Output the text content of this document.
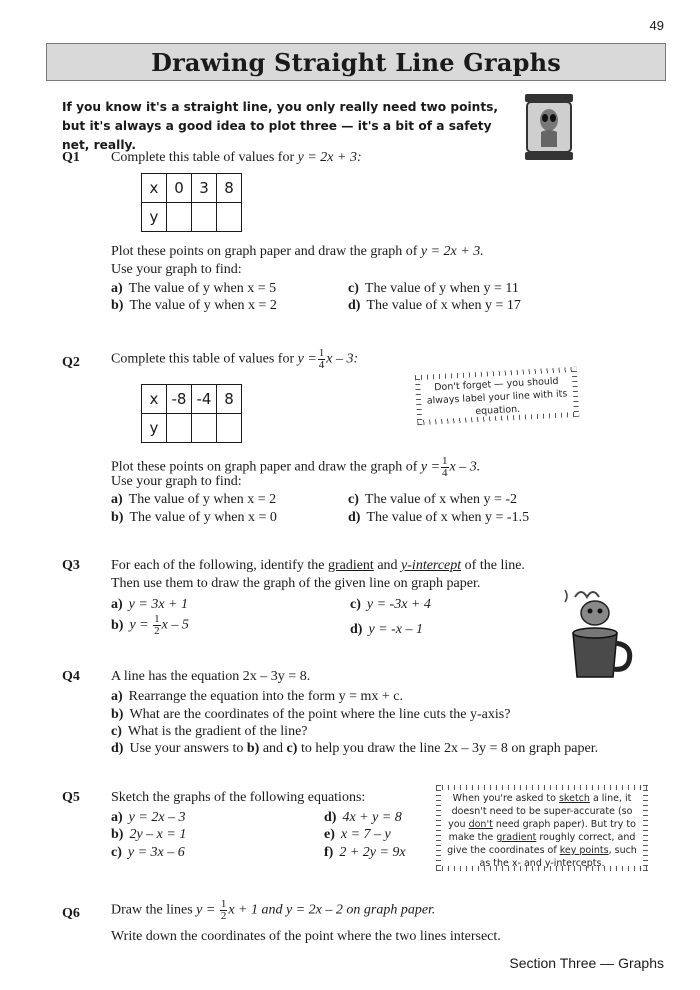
49
Drawing Straight Line Graphs
If you know it's a straight line, you only really need two points, but it's always a good idea to plot three — it's a bit of a safety net, really.
Q1 Complete this table of values for y = 2x + 3:
x	0	3	8
y			
Plot these points on graph paper and draw the graph of y = 2x + 3.
Use your graph to find:
a) The value of y when x = 5
b) The value of y when x = 2
c) The value of y when y = 11
d) The value of x when y = 17
Q2 Complete this table of values for $y = \frac{1}{4}$ x – 3:
x	-8	-4	8
y			
Don't forget — you should always label your line with its equation.
Plot these points on graph paper and draw the graph of $y = \frac{1}{4}$ x – 3.
Use your graph to find:
a) The value of y when x = 2
b) The value of y when x = 0
c) The value of x when y = -2
d) The value of x when y = -1.5
Q3 For each of the following, identify the gradient and y-intercept of the line.
Then use them to draw the graph of the given line on graph paper.
a) y = 3x + 1
b) $y = \frac{1}{2}$ x – 5
c) y = -3x + 4
d) y = -x – 1
Q4 A line has the equation 2x – 3y = 8.
a) Rearrange the equation into the form y = mx + c.
b) What are the coordinates of the point where the line cuts the y-axis?
c) What is the gradient of the line?
d) Use your answers to b) and c) to help you draw the line 2x – 3y = 8 on graph paper.
Q5 Sketch the graphs of the following equations:
a) y = 2x – 3
b) 2y – x = 1
c) y = 3x – 6
d) 4x + y = 8
e) x = 7 – y
f) 2 + 2y = 9x
When you're asked to sketch a line, it doesn't need to be super-accurate (so you don't need graph paper). But try to make the gradient roughly correct, and give the coordinates of key points, such as the x- and y-intercepts.
Q6 Draw the lines $y = \frac{1}{2}$ x + 1 and y = 2x – 2 on graph paper.
Write down the coordinates of the point where the two lines intersect.
Section Three — Graphs
